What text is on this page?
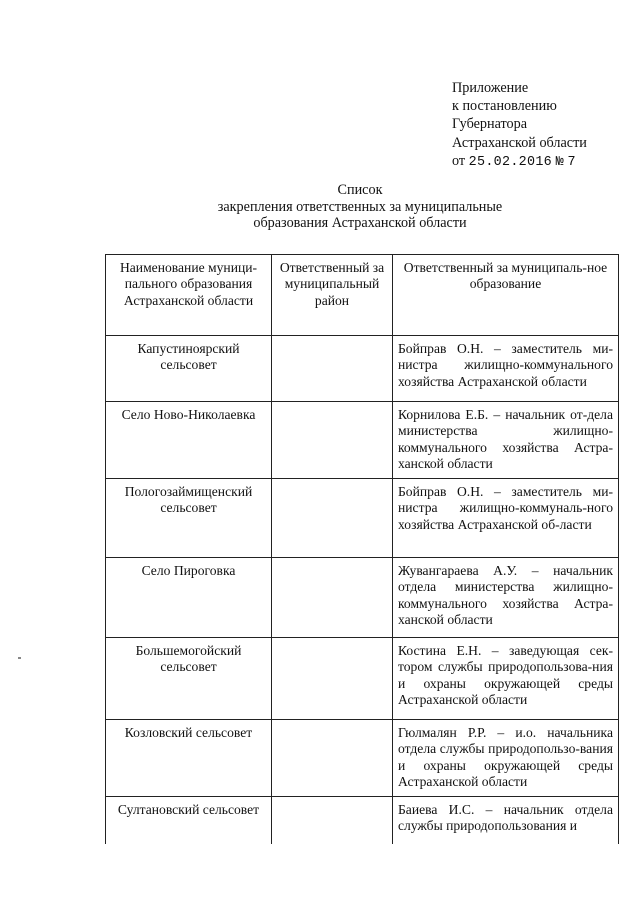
Приложение
к постановлению
Губернатора
Астраханской области
от 25.02.2016 № 7
Список
закрепления ответственных за муниципальные
образования Астраханской области
Наименование муници-пального образования Астраханской области	Ответственный за муниципальный район	Ответственный за муниципаль-ное образование
Капустиноярский сельсовет		Бойправ О.Н. – заместитель ми-нистра жилищно-коммунального хозяйства Астраханской области
Село Ново-Николаевка		Корнилова Е.Б. – начальник от-дела министерства жилищно-коммунального хозяйства Астра-ханской области
Пологозаймищенский сельсовет		Бойправ О.Н. – заместитель ми-нистра жилищно-коммуналь-ного хозяйства Астраханской об-ласти
Село Пироговка		Жувангараева А.У. – начальник отдела министерства жилищно-коммунального хозяйства Астра-ханской области
Большемогойский сельсовет		Костина Е.Н. – заведующая сек-тором службы природопользова-ния и охраны окружающей среды Астраханской области
Козловский сельсовет		Гюлмалян Р.Р. – и.о. начальника отдела службы природопользо-вания и охраны окружающей среды Астраханской области
Султановский сельсовет		Баиева И.С. – начальник отдела службы природопользования и
